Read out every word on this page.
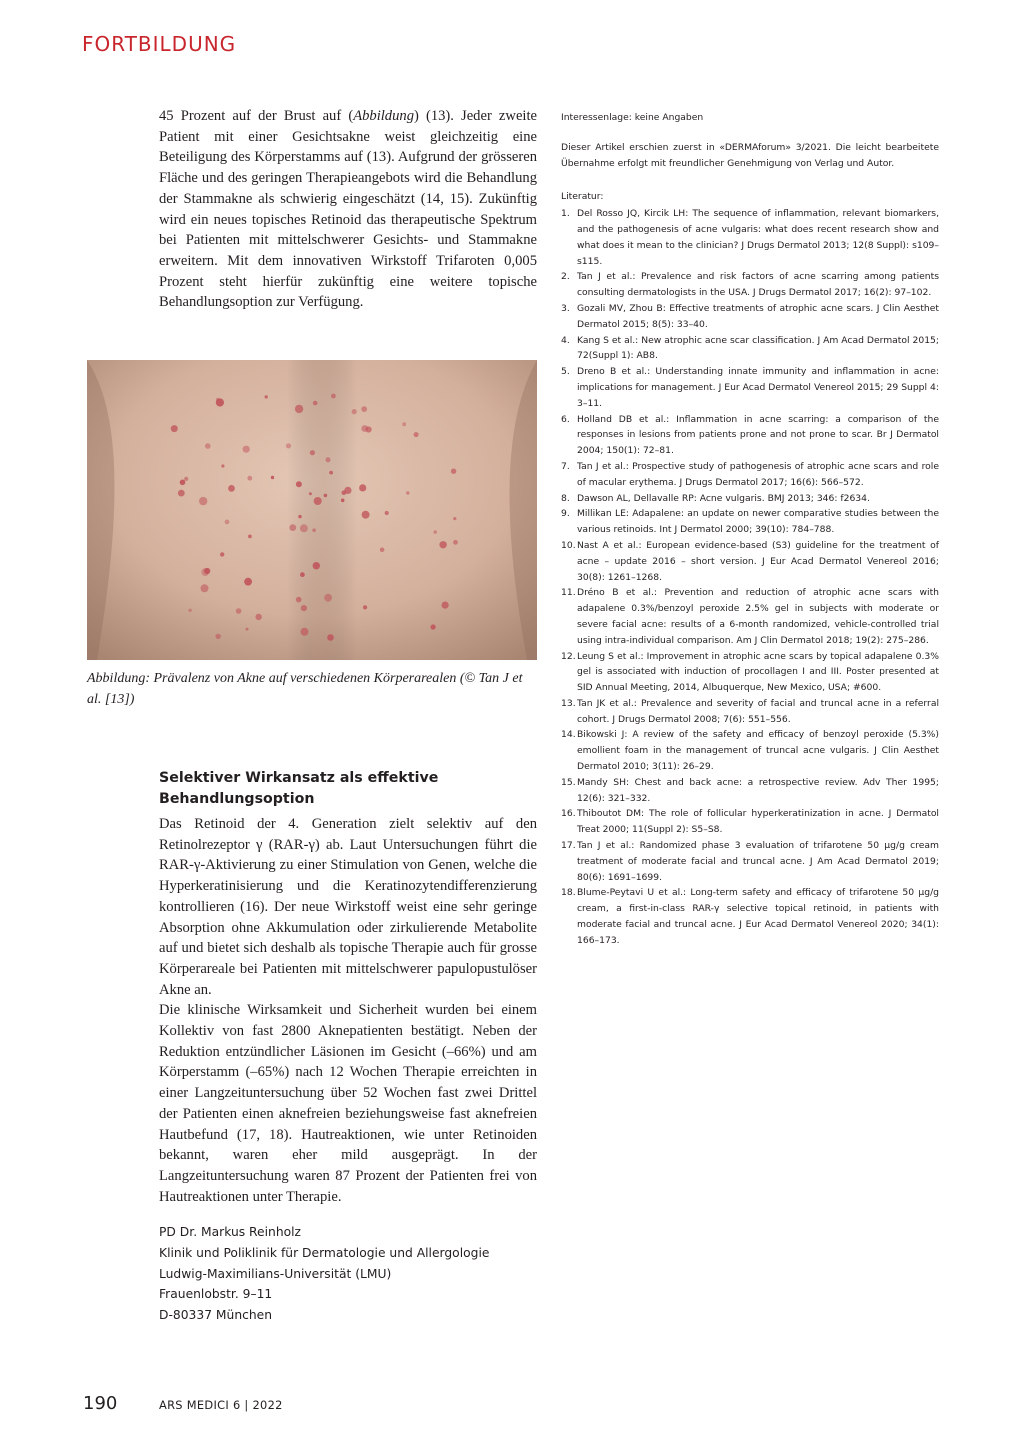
FORTBILDUNG

45 Prozent auf der Brust auf (Abbildung) (13). Jeder zweite Patient mit einer Gesichtsakne weist gleichzeitig eine Beteiligung des Körperstamms auf (13). Aufgrund der grösseren Fläche und des geringen Therapieangebots wird die Behandlung der Stammakne als schwierig eingeschätzt (14, 15). Zukünftig wird ein neues topisches Retinoid das therapeutische Spektrum bei Patienten mit mittelschwerer Gesichts- und Stammakne erweitern. Mit dem innovativen Wirkstoff Trifaroten 0,005 Prozent steht hierfür zukünftig eine weitere topische Behandlungsoption zur Verfügung.

Abbildung: Prävalenz von Akne auf verschiedenen Körperarealen (© Tan J et al. [13])
Selektiver Wirkansatz als effektive Behandlungsoption

Das Retinoid der 4. Generation zielt selektiv auf den Retinolrezeptor γ (RAR-γ) ab. Laut Untersuchungen führt die RAR-γ-Aktivierung zu einer Stimulation von Genen, welche die Hyperkeratinisierung und die Keratinozytendifferenzierung kontrollieren (16). Der neue Wirkstoff weist eine sehr geringe Absorption ohne Akkumulation oder zirkulierende Metabolite auf und bietet sich deshalb als topische Therapie auch für grosse Körperareale bei Patienten mit mittelschwerer papulopustulöser Akne an.

Die klinische Wirksamkeit und Sicherheit wurden bei einem Kollektiv von fast 2800 Aknepatienten bestätigt. Neben der Reduktion entzündlicher Läsionen im Gesicht (–66%) und am Körperstamm (–65%) nach 12 Wochen Therapie erreichten in einer Langzeituntersuchung über 52 Wochen fast zwei Drittel der Patienten einen aknefreien beziehungsweise fast aknefreien Hautbefund (17, 18). Hautreaktionen, wie unter Retinoiden bekannt, waren eher mild ausgeprägt. In der Langzeituntersuchung waren 87 Prozent der Patienten frei von Hautreaktionen unter Therapie.

PD Dr. Markus Reinholz
Klinik und Poliklinik für Dermatologie und Allergologie
Ludwig-Maximilians-Universität (LMU)
Frauenlobstr. 9–11
D-80337 München

Interessenlage: keine Angaben

Dieser Artikel erschien zuerst in «DERMAforum» 3/2021. Die leicht bearbeitete Übernahme erfolgt mit freundlicher Genehmigung von Verlag und Autor.

Literatur:

1. Del Rosso JQ, Kircik LH: The sequence of inflammation, relevant biomarkers, and the pathogenesis of acne vulgaris: what does recent research show and what does it mean to the clinician? J Drugs Dermatol 2013; 12(8 Suppl): s109–s115.
2. Tan J et al.: Prevalence and risk factors of acne scarring among patients consulting dermatologists in the USA. J Drugs Dermatol 2017; 16(2): 97–102.
3. Gozali MV, Zhou B: Effective treatments of atrophic acne scars. J Clin Aesthet Dermatol 2015; 8(5): 33–40.
4. Kang S et al.: New atrophic acne scar classification. J Am Acad Dermatol 2015; 72(Suppl 1): AB8.
5. Dreno B et al.: Understanding innate immunity and inflammation in acne: implications for management. J Eur Acad Dermatol Venereol 2015; 29 Suppl 4: 3–11.
6. Holland DB et al.: Inflammation in acne scarring: a comparison of the responses in lesions from patients prone and not prone to scar. Br J Dermatol 2004; 150(1): 72–81.
7. Tan J et al.: Prospective study of pathogenesis of atrophic acne scars and role of macular erythema. J Drugs Dermatol 2017; 16(6): 566–572.
8. Dawson AL, Dellavalle RP: Acne vulgaris. BMJ 2013; 346: f2634.
9. Millikan LE: Adapalene: an update on newer comparative studies between the various retinoids. Int J Dermatol 2000; 39(10): 784–788.
10. Nast A et al.: European evidence-based (S3) guideline for the treatment of acne – update 2016 – short version. J Eur Acad Dermatol Venereol 2016; 30(8): 1261–1268.
11. Dréno B et al.: Prevention and reduction of atrophic acne scars with adapalene 0.3%/benzoyl peroxide 2.5% gel in subjects with moderate or severe facial acne: results of a 6-month randomized, vehicle-controlled trial using intra-individual comparison. Am J Clin Dermatol 2018; 19(2): 275–286.
12. Leung S et al.: Improvement in atrophic acne scars by topical adapalene 0.3% gel is associated with induction of procollagen I and III. Poster presented at SID Annual Meeting, 2014, Albuquerque, New Mexico, USA; #600.
13. Tan JK et al.: Prevalence and severity of facial and truncal acne in a referral cohort. J Drugs Dermatol 2008; 7(6): 551–556.
14. Bikowski J: A review of the safety and efficacy of benzoyl peroxide (5.3%) emollient foam in the management of truncal acne vulgaris. J Clin Aesthet Dermatol 2010; 3(11): 26–29.
15. Mandy SH: Chest and back acne: a retrospective review. Adv Ther 1995; 12(6): 321–332.
16. Thiboutot DM: The role of follicular hyperkeratinization in acne. J Dermatol Treat 2000; 11(Suppl 2): S5–S8.
17. Tan J et al.: Randomized phase 3 evaluation of trifarotene 50 µg/g cream treatment of moderate facial and truncal acne. J Am Acad Dermatol 2019; 80(6): 1691–1699.
18. Blume-Peytavi U et al.: Long-term safety and efficacy of trifarotene 50 µg/g cream, a first-in-class RAR-γ selective topical retinoid, in patients with moderate facial and truncal acne. J Eur Acad Dermatol Venereol 2020; 34(1): 166–173.
190	ARS MEDICI 6 | 2022
